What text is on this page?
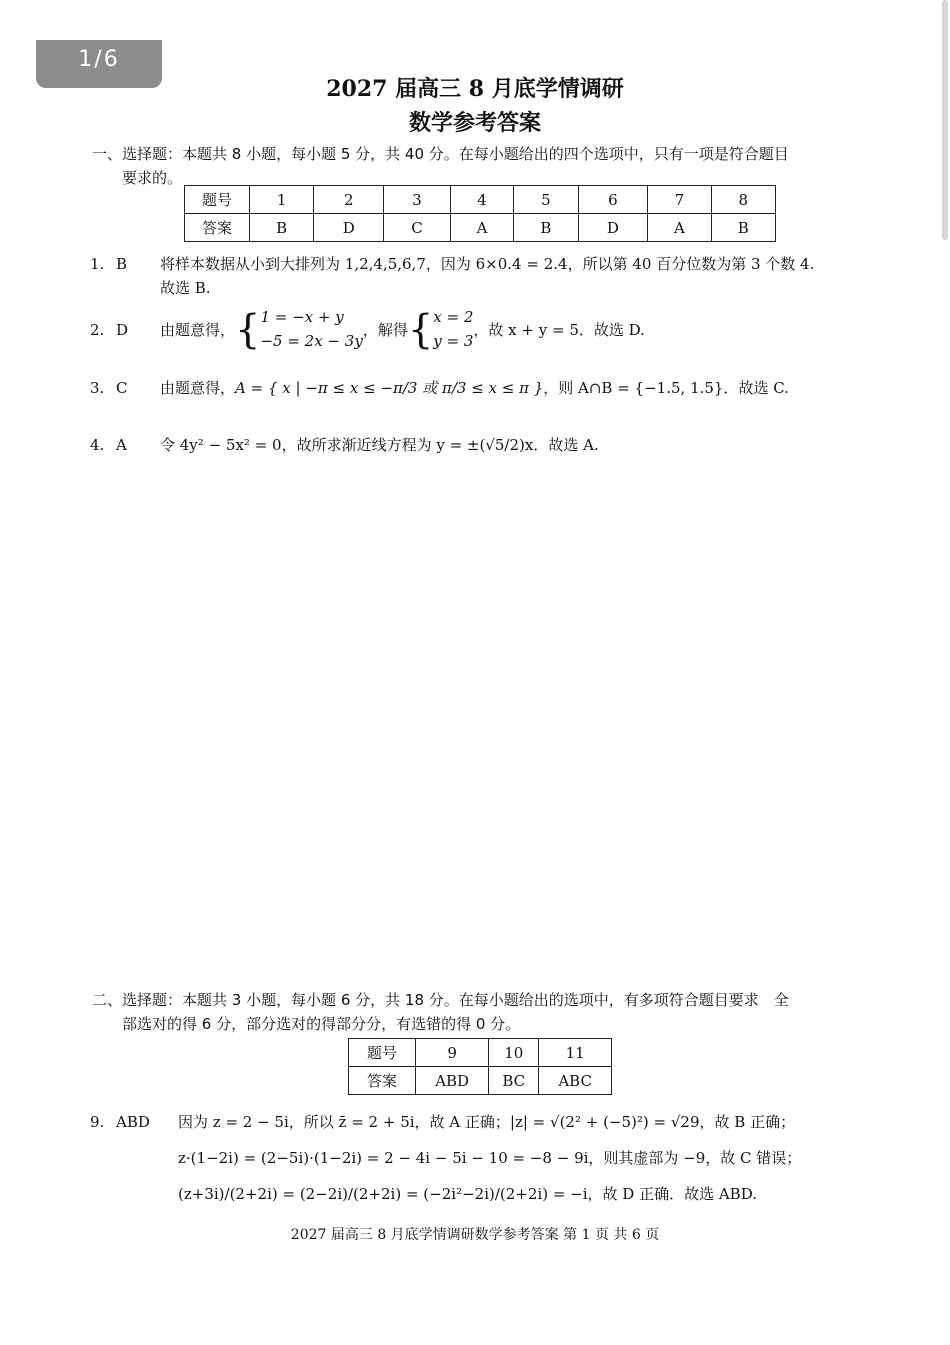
1/6
2027 届高三 8 月底学情调研
数学参考答案
一、选择题：本题共 8 小题，每小题 5 分，共 40 分。在每小题给出的四个选项中，只有一项是符合题目
要求的。
题号	1	2	3	4	5	6	7	8
答案	B	D	C	A	B	D	A	B
1. B 将样本数据从小到大排列为 1,2,4,5,6,7，因为 6×0.4 = 2.4，所以第 40 百分位数为第 3 个数 4.
故选 B.
2. D 由题意得， { 1 = −x + y
−5 = 2x − 3y
，解得 { x = 2
y = 3
，故 x + y = 5．故选 D.
3. C 由题意得，A = { x | −π ≤ x ≤ −π/3 或 π/3 ≤ x ≤ π }，则 A∩B = {−1.5, 1.5}．故选 C.
4. A 令 4y² − 5x² = 0，故所求渐近线方程为 y = ±(√5/2)x．故选 A.
二、选择题：本题共 3 小题，每小题 6 分，共 18 分。在每小题给出的选项中，有多项符合题目要求　全
部选对的得 6 分，部分选对的得部分分，有选错的得 0 分。
题号	9	10	11
答案	ABD	BC	ABC
9. ABD 因为 z = 2 − 5i，所以 z̄ = 2 + 5i，故 A 正确；|z| = √(2² + (−5)²) = √29，故 B 正确；
z·(1−2i) = (2−5i)·(1−2i) = 2 − 4i − 5i − 10 = −8 − 9i，则其虚部为 −9，故 C 错误；
(z+3i)/(2+2i) = (2−2i)/(2+2i) = (−2i²−2i)/(2+2i) = −i，故 D 正确．故选 ABD.
2027 届高三 8 月底学情调研数学参考答案 第 1 页 共 6 页
